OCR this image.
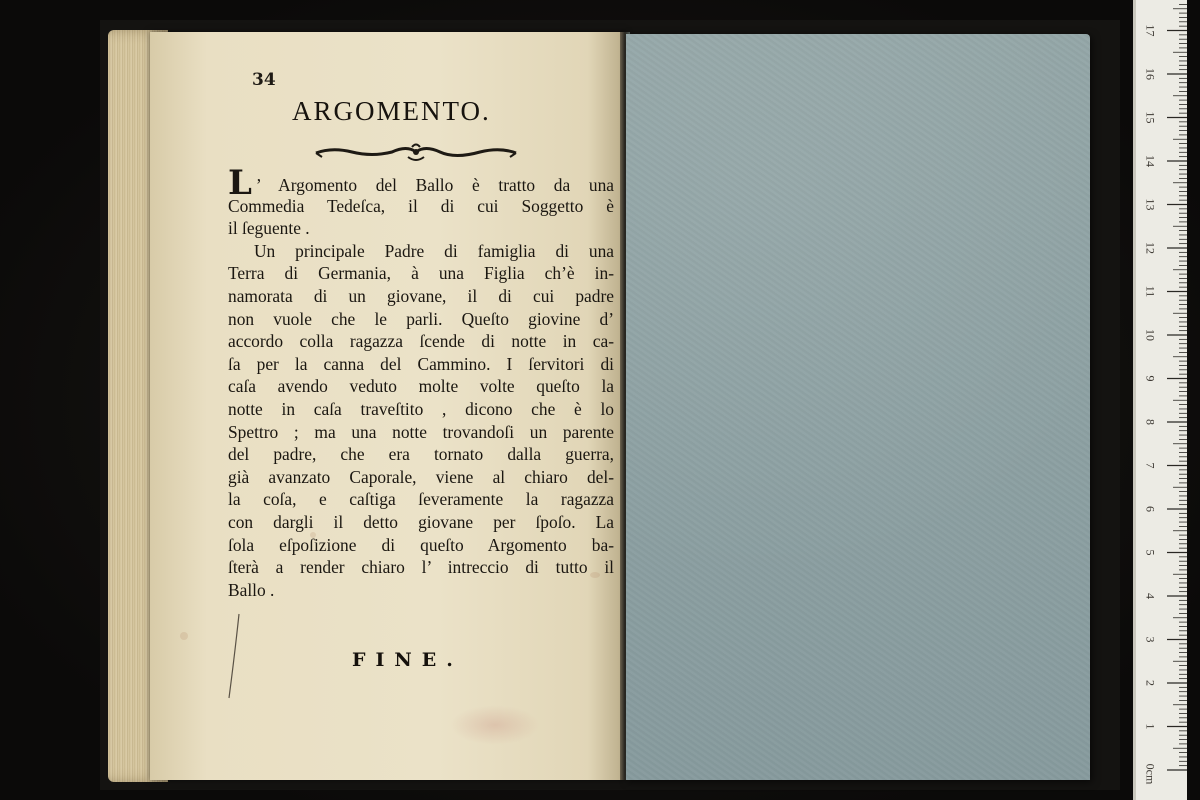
34
ARGOMENTO.
L ’ Argomento del Ballo è tratto da una
Commedia Tedeſca, il di cui Soggetto è
il ſeguente .
Un principale Padre di famiglia di una
Terra di Germania, à una Figlia ch’è in-
namorata di un giovane, il di cui padre
non vuole che le parli. Queſto giovine d’
accordo colla ragazza ſcende di notte in ca-
ſa per la canna del Cammino. I ſervitori di
caſa avendo veduto molte volte queſto la
notte in caſa traveſtito , dicono che è lo
Spettro ; ma una notte trovandoſi un parente
del padre, che era tornato dalla guerra,
già avanzato Caporale, viene al chiaro del-
la coſa, e caſtiga ſeveramente la ragazza
con dargli il detto giovane per ſpoſo. La
ſola eſpoſizione di queſto Argomento ba-
ſterà a render chiaro l’ intreccio di tutto il
Ballo .
FINE.
0cm
1
2
3
4
5
6
7
8
9
10
11
12
13
14
15
16
17
